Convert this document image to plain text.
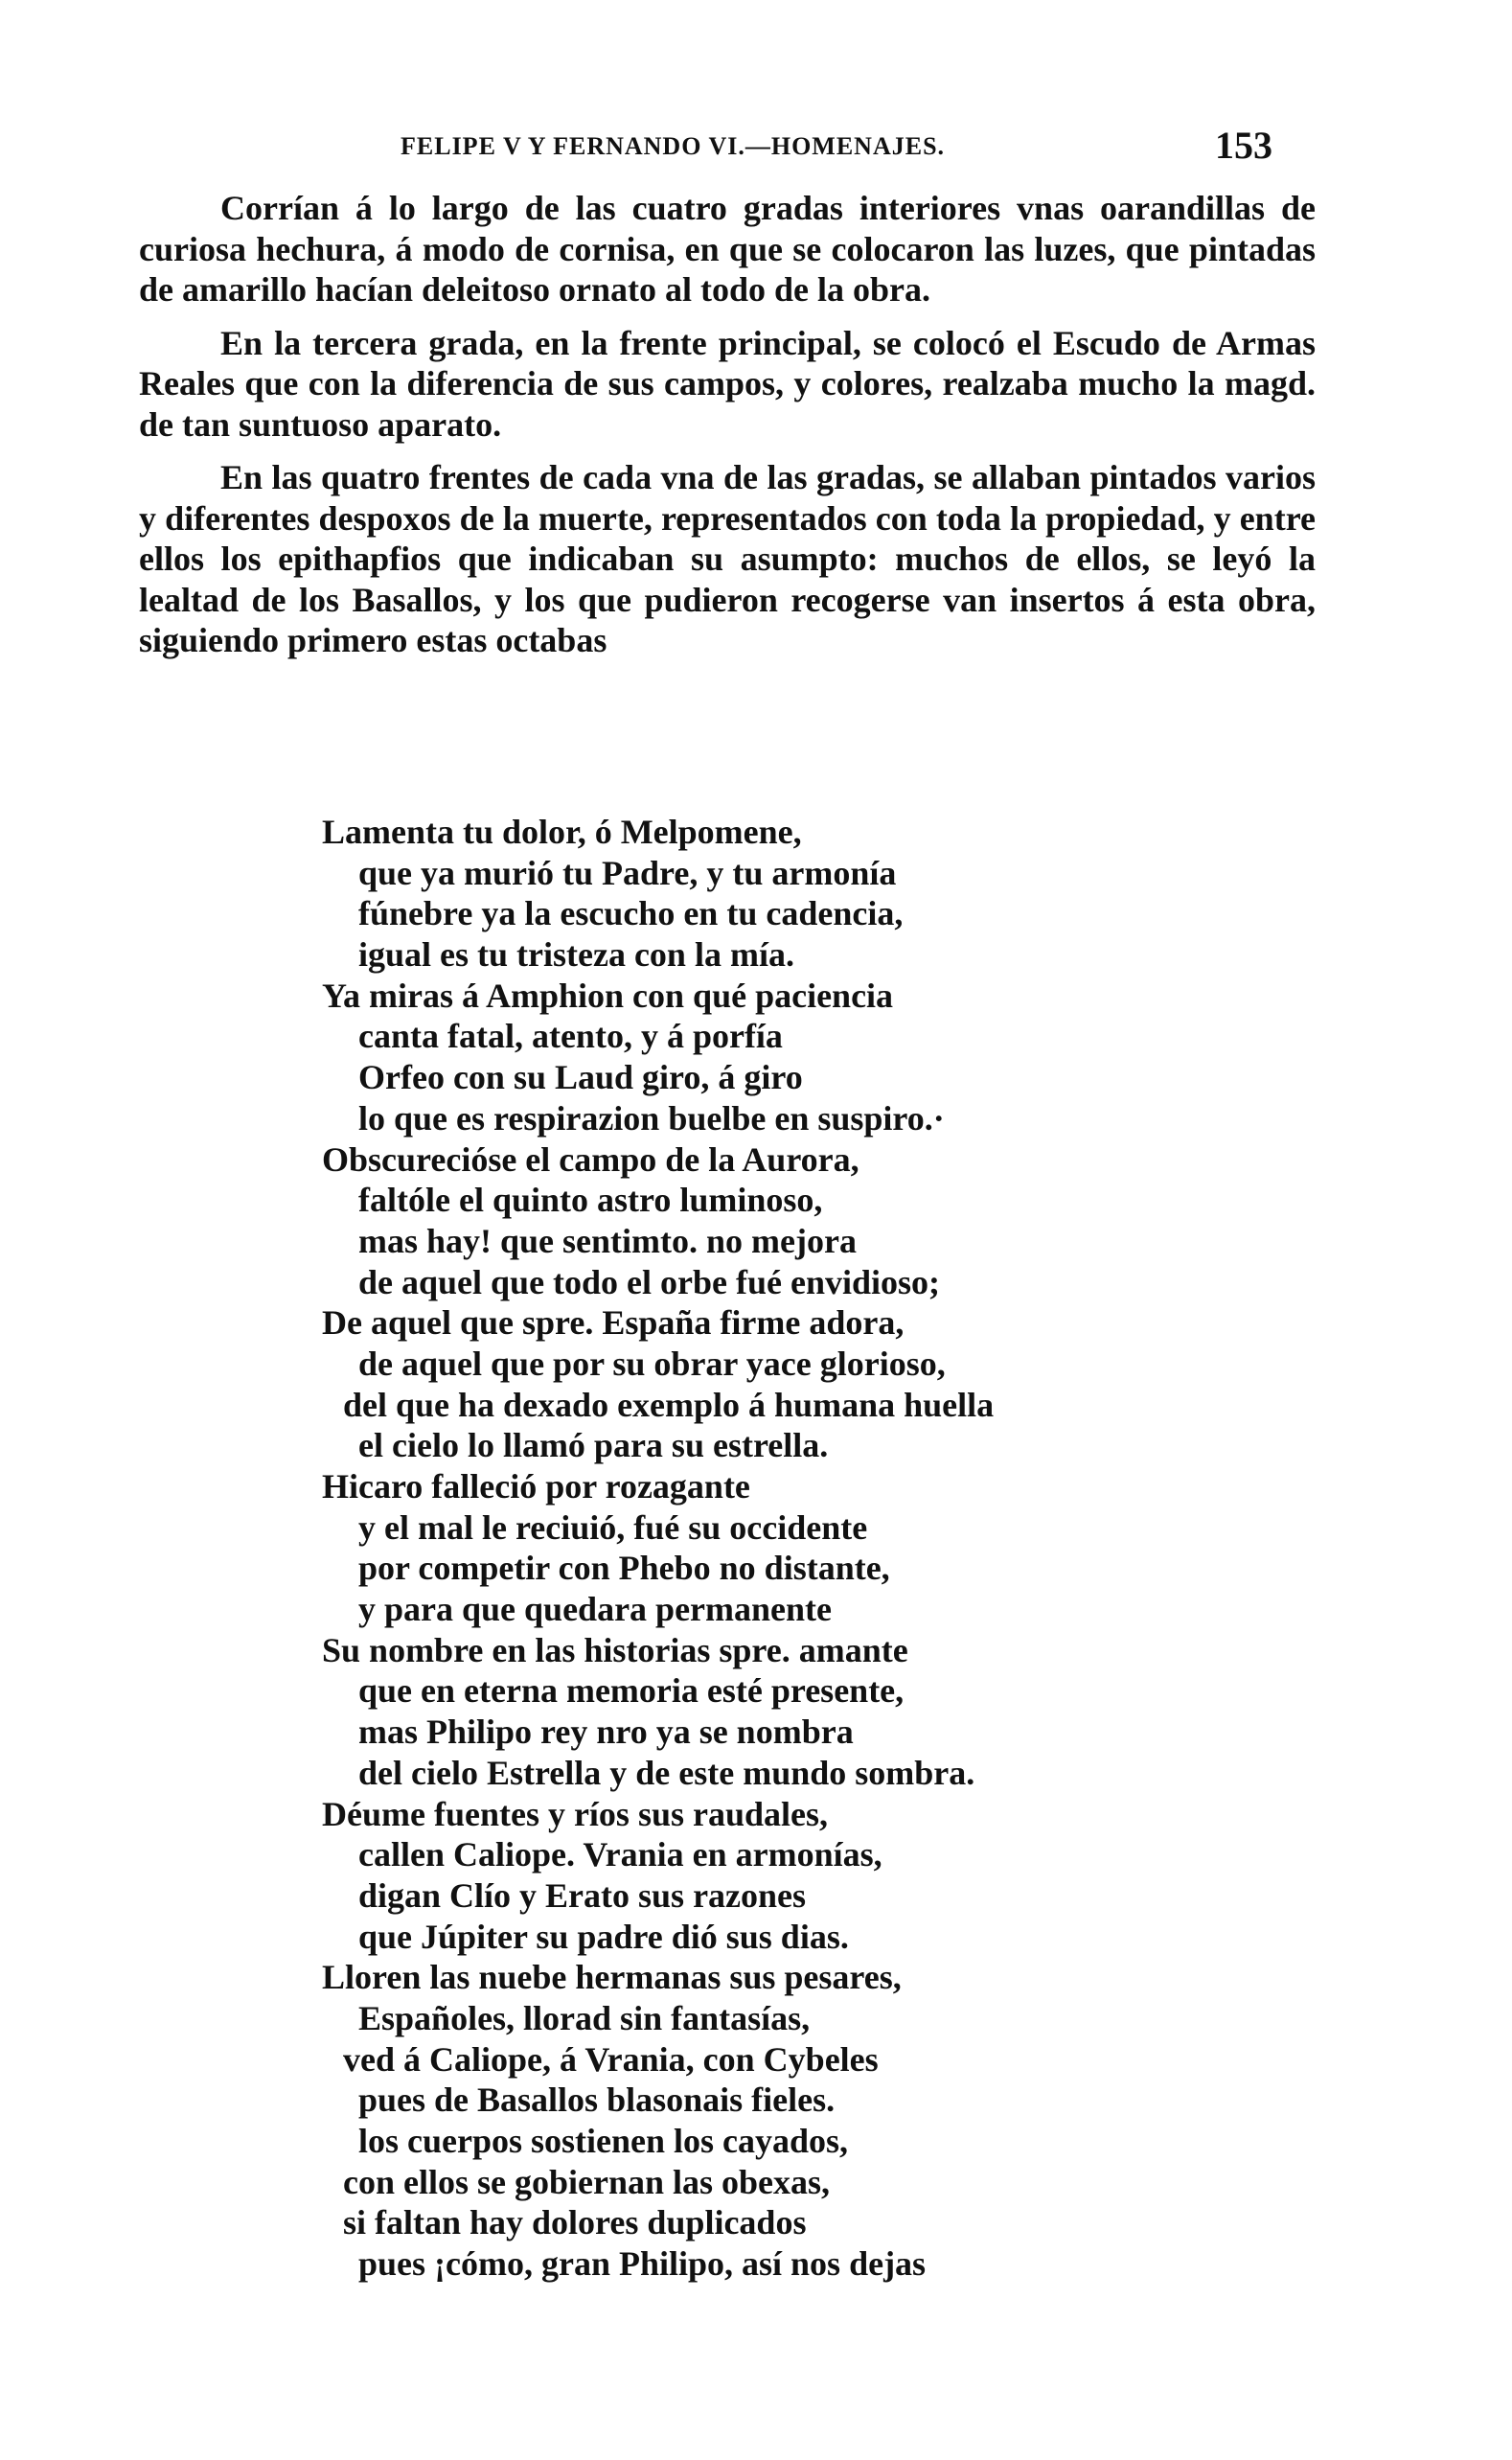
FELIPE V Y FERNANDO VI.—HOMENAJES.	153

Corrían á lo largo de las cuatro gradas interiores vnas oarandillas de curiosa hechura, á modo de cornisa, en que se colocaron las luzes, que pintadas de amarillo hacían deleitoso ornato al todo de la obra.

En la tercera grada, en la frente principal, se colocó el Escudo de Armas Reales que con la diferencia de sus campos, y colores, realzaba mucho la magd. de tan suntuoso aparato.

En las quatro frentes de cada vna de las gradas, se allaban pintados varios y diferentes despoxos de la muerte, representados con toda la propiedad, y entre ellos los epithapfios que indicaban su asumpto: muchos de ellos, se leyó la lealtad de los Basallos, y los que pudieron recogerse van insertos á esta obra, siguiendo primero estas octabas

Lamenta tu dolor, ó Melpomene,
que ya murió tu Padre, y tu armonía
fúnebre ya la escucho en tu cadencia,
igual es tu tristeza con la mía.
Ya miras á Amphion con qué paciencia
canta fatal, atento, y á porfía
Orfeo con su Laud giro, á giro
lo que es respirazion buelbe en suspiro.·
Obscurecióse el campo de la Aurora,
faltóle el quinto astro luminoso,
mas hay! que sentimto. no mejora
de aquel que todo el orbe fué envidioso;
De aquel que spre. España firme adora,
de aquel que por su obrar yace glorioso,
del que ha dexado exemplo á humana huella
el cielo lo llamó para su estrella.
Hicaro falleció por rozagante
y el mal le reciuió, fué su occidente
por competir con Phebo no distante,
y para que quedara permanente
Su nombre en las historias spre. amante
que en eterna memoria esté presente,
mas Philipo rey nro ya se nombra
del cielo Estrella y de este mundo sombra.
Déume fuentes y ríos sus raudales,
callen Caliope. Vrania en armonías,
digan Clío y Erato sus razones
que Júpiter su padre dió sus dias.
Lloren las nuebe hermanas sus pesares,
Españoles, llorad sin fantasías,
ved á Caliope, á Vrania, con Cybeles
pues de Basallos blasonais fieles.
los cuerpos sostienen los cayados,
con ellos se gobiernan las obexas,
si faltan hay dolores duplicados
pues ¡cómo, gran Philipo, así nos dejas
